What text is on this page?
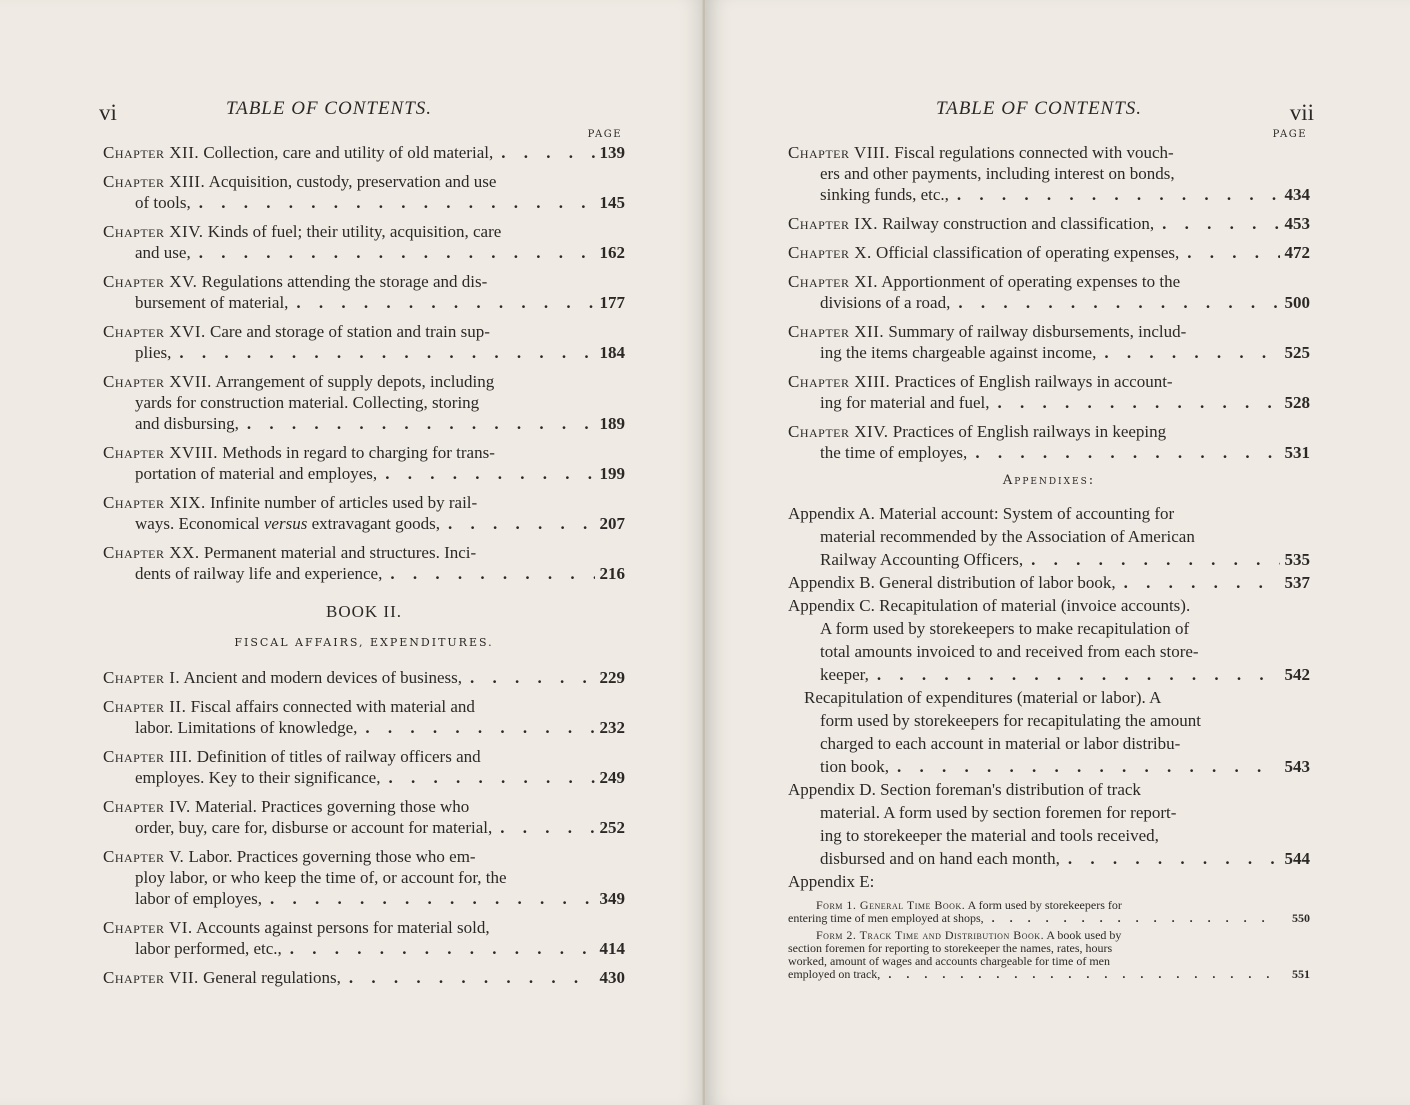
vi	TABLE OF CONTENTS.
PAGE
Chapter XII. Collection, care and utility of old material, . . .	139
Chapter XIII. Acquisition, custody, preservation and use
of tools, . . .	145
Chapter XIV. Kinds of fuel; their utility, acquisition, care
and use, . . .	162
Chapter XV. Regulations attending the storage and dis-
bursement of material, . . .	177
Chapter XVI. Care and storage of station and train sup-
plies, . . .	184
Chapter XVII. Arrangement of supply depots, including
yards for construction material. Collecting, storing
and disbursing, . . .	189
Chapter XVIII. Methods in regard to charging for trans-
portation of material and employes, . . .	199
Chapter XIX. Infinite number of articles used by rail-
ways. Economical versus extravagant goods, . . .	207
Chapter XX. Permanent material and structures. Inci-
dents of railway life and experience, . . .	216
BOOK II.
FISCAL AFFAIRS, EXPENDITURES.
Chapter I. Ancient and modern devices of business, . . .	229
Chapter II. Fiscal affairs connected with material and
labor. Limitations of knowledge, . . .	232
Chapter III. Definition of titles of railway officers and
employes. Key to their significance, . . .	249
Chapter IV. Material. Practices governing those who
order, buy, care for, disburse or account for material, . . .	252
Chapter V. Labor. Practices governing those who em-
ploy labor, or who keep the time of, or account for, the
labor of employes, . . .	349
Chapter VI. Accounts against persons for material sold,
labor performed, etc., . . .	414
Chapter VII. General regulations, . . .	430
TABLE OF CONTENTS.	vii
PAGE
Chapter VIII. Fiscal regulations connected with vouch-
ers and other payments, including interest on bonds,
sinking funds, etc., . . .	434
Chapter IX. Railway construction and classification, . . .	453
Chapter X. Official classification of operating expenses, . . .	472
Chapter XI. Apportionment of operating expenses to the
divisions of a road, . . .	500
Chapter XII. Summary of railway disbursements, includ-
ing the items chargeable against income, . . .	525
Chapter XIII. Practices of English railways in account-
ing for material and fuel, . . .	528
Chapter XIV. Practices of English railways in keeping
the time of employes, . . .	531
Appendixes:
Appendix A. Material account: System of accounting for
material recommended by the Association of American
Railway Accounting Officers, . . .	535
Appendix B. General distribution of labor book, . . .	537
Appendix C. Recapitulation of material (invoice accounts).
A form used by storekeepers to make recapitulation of
total amounts invoiced to and received from each store-
keeper, . . .	542
Recapitulation of expenditures (material or labor). A
form used by storekeepers for recapitulating the amount
charged to each account in material or labor distribu-
tion book, . . .	543
Appendix D. Section foreman's distribution of track
material. A form used by section foremen for report-
ing to storekeeper the material and tools received,
disbursed and on hand each month, . . .	544
Appendix E:
Form 1. General Time Book. A form used by storekeepers for
entering time of men employed at shops, . . .	550
Form 2. Track Time and Distribution Book. A book used by
section foremen for reporting to storekeeper the names, rates, hours
worked, amount of wages and accounts chargeable for time of men
employed on track, . . .	551
